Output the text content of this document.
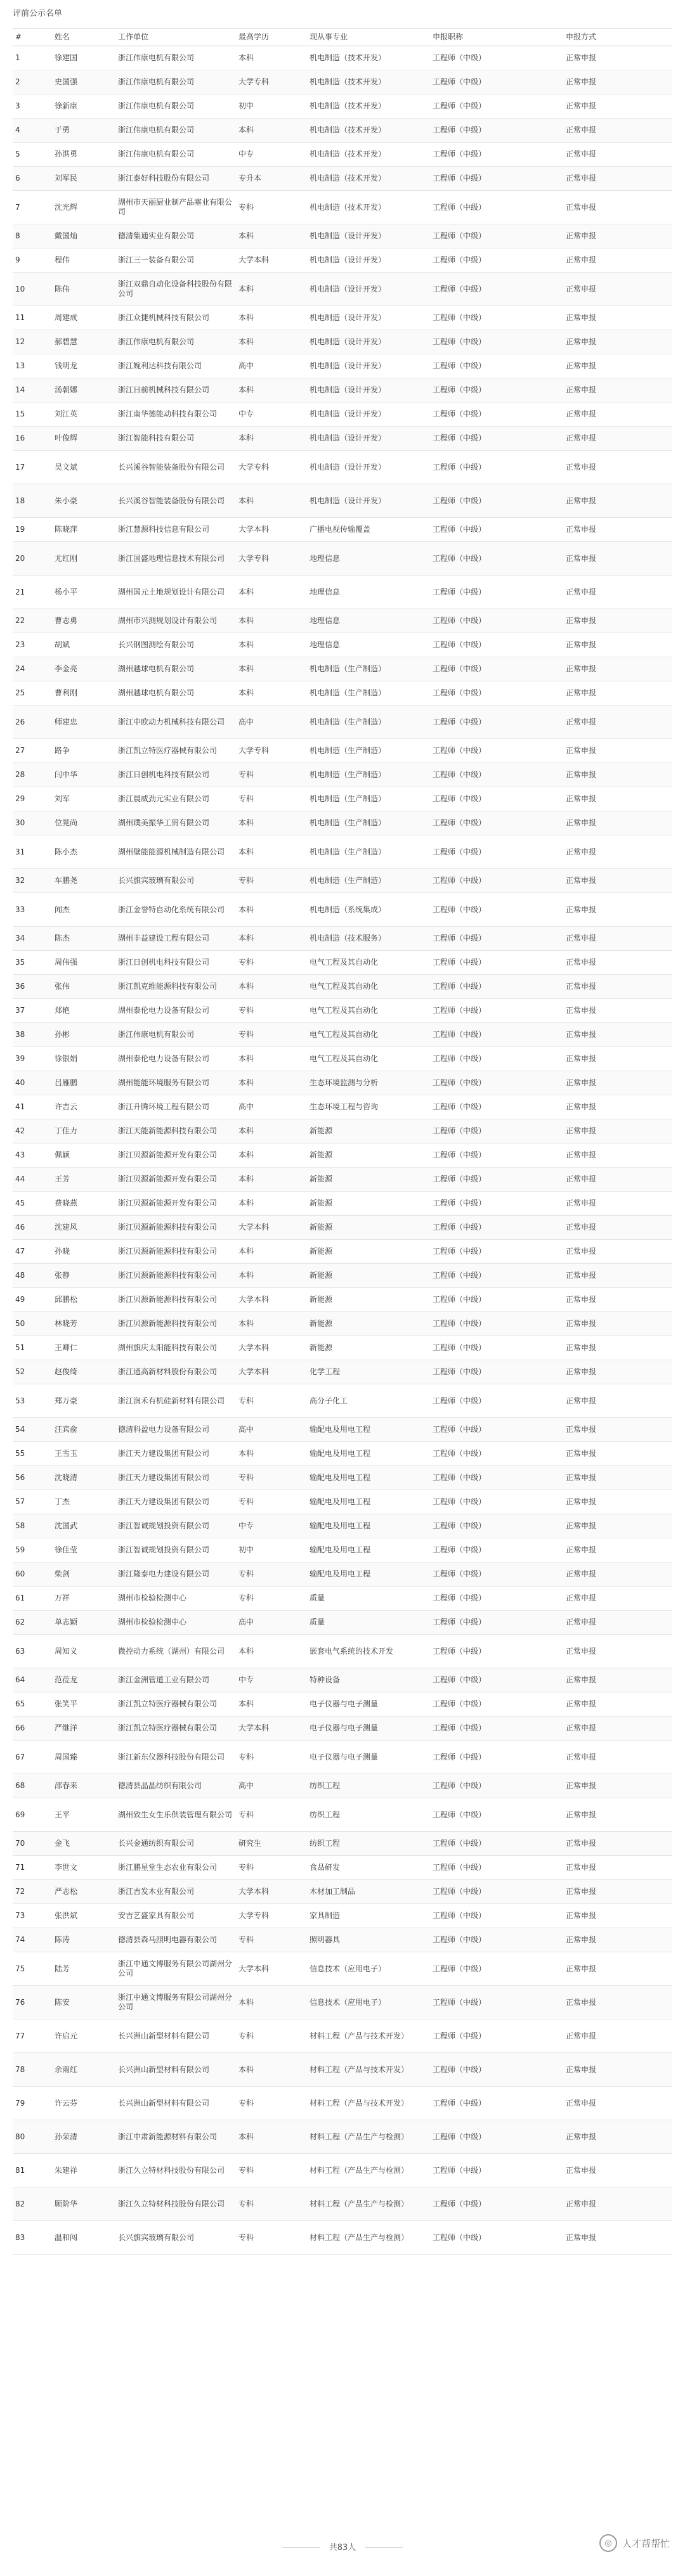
评前公示名单
#	姓名	工作单位	最高学历	现从事专业	申报职称	申报方式
1	徐建国	浙江伟康电机有限公司	本科	机电制造（技术开发）	工程师（中级）	正常申报
2	史国强	浙江伟康电机有限公司	大学专科	机电制造（技术开发）	工程师（中级）	正常申报
3	徐新康	浙江伟康电机有限公司	初中	机电制造（技术开发）	工程师（中级）	正常申报
4	于勇	浙江伟康电机有限公司	本科	机电制造（技术开发）	工程师（中级）	正常申报
5	孙洪勇	浙江伟康电机有限公司	中专	机电制造（技术开发）	工程师（中级）	正常申报
6	刘军民	浙江泰好科技股份有限公司	专升本	机电制造（技术开发）	工程师（中级）	正常申报
7	沈光辉	湖州市天丽厨业制产品塞业有限公司	专科	机电制造（技术开发）	工程师（中级）	正常申报
8	戴国灿	德清集通实业有限公司	本科	机电制造（设计开发）	工程师（中级）	正常申报
9	程伟	浙江三一装备有限公司	大学本科	机电制造（设计开发）	工程师（中级）	正常申报
10	陈伟	浙江双鼎自动化设备科技股份有限公司	本科	机电制造（设计开发）	工程师（中级）	正常申报
11	周建成	浙江众捷机械科技有限公司	本科	机电制造（设计开发）	工程师（中级）	正常申报
12	郝碧慧	浙江伟康电机有限公司	本科	机电制造（设计开发）	工程师（中级）	正常申报
13	钱明龙	浙江婉利达科技有限公司	高中	机电制造（设计开发）	工程师（中级）	正常申报
14	汤朝娜	浙江日前机械科技有限公司	本科	机电制造（设计开发）	工程师（中级）	正常申报
15	刘江英	浙江南华德能动科技有限公司	中专	机电制造（设计开发）	工程师（中级）	正常申报
16	叶俊辉	浙江智能科技有限公司	本科	机电制造（设计开发）	工程师（中级）	正常申报
17	吴文斌	长兴溪谷智能装备股份有限公司	大学专科	机电制造（设计开发）	工程师（中级）	正常申报
18	朱小豪	长兴溪谷智能装备股份有限公司	本科	机电制造（设计开发）	工程师（中级）	正常申报
19	陈晓萍	浙江慧源科技信息有限公司	大学本科	广播电视传输覆盖	工程师（中级）	正常申报
20	尤红刚	浙江国盛地理信息技术有限公司	大学专科	地理信息	工程师（中级）	正常申报
21	杨小平	湖州国元土地规划设计有限公司	本科	地理信息	工程师（中级）	正常申报
22	曹志勇	湖州市兴测规划设计有限公司	本科	地理信息	工程师（中级）	正常申报
23	胡斌	长兴钢图测绘有限公司	本科	地理信息	工程师（中级）	正常申报
24	李金亮	湖州越球电机有限公司	本科	机电制造（生产制造）	工程师（中级）	正常申报
25	曹利刚	湖州越球电机有限公司	本科	机电制造（生产制造）	工程师（中级）	正常申报
26	师建忠	浙江中欧动力机械科技有限公司	高中	机电制造（生产制造）	工程师（中级）	正常申报
27	路争	浙江凯立特医疗器械有限公司	大学专科	机电制造（生产制造）	工程师（中级）	正常申报
28	闫中华	浙江日创机电科技有限公司	专科	机电制造（生产制造）	工程师（中级）	正常申报
29	刘军	浙江晨威劲元实业有限公司	专科	机电制造（生产制造）	工程师（中级）	正常申报
30	位晃尚	湖州璞美振华工贸有限公司	本科	机电制造（生产制造）	工程师（中级）	正常申报
31	陈小杰	湖州壁能能源机械制造有限公司	本科	机电制造（生产制造）	工程师（中级）	正常申报
32	车鹏尧	长兴旗宾玻璃有限公司	专科	机电制造（生产制造）	工程师（中级）	正常申报
33	闻杰	浙江金誉特自动化系统有限公司	本科	机电制造（系统集成）	工程师（中级）	正常申报
34	陈杰	湖州丰益建设工程有限公司	本科	机电制造（技术服务）	工程师（中级）	正常申报
35	周伟强	浙江日创机电科技有限公司	专科	电气工程及其自动化	工程师（中级）	正常申报
36	张伟	浙江凯克维能源科技有限公司	本科	电气工程及其自动化	工程师（中级）	正常申报
37	郑艳	湖州泰伦电力设备有限公司	专科	电气工程及其自动化	工程师（中级）	正常申报
38	孙彬	浙江伟康电机有限公司	专科	电气工程及其自动化	工程师（中级）	正常申报
39	徐银娟	湖州泰伦电力设备有限公司	本科	电气工程及其自动化	工程师（中级）	正常申报
40	吕雁鹏	湖州能能环境服务有限公司	本科	生态环境监测与分析	工程师（中级）	正常申报
41	许吉云	浙江升腾环境工程有限公司	高中	生态环境工程与咨询	工程师（中级）	正常申报
42	丁佳力	浙江天能新能源科技有限公司	本科	新能源	工程师（中级）	正常申报
43	佩颖	浙江贝源新能源开发有限公司	本科	新能源	工程师（中级）	正常申报
44	王芳	浙江贝源新能源开发有限公司	本科	新能源	工程师（中级）	正常申报
45	费晓燕	浙江贝源新能源开发有限公司	本科	新能源	工程师（中级）	正常申报
46	沈建风	浙江贝源新能源科技有限公司	大学本科	新能源	工程师（中级）	正常申报
47	孙晓	浙江贝源新能源科技有限公司	本科	新能源	工程师（中级）	正常申报
48	张静	浙江贝源新能源科技有限公司	本科	新能源	工程师（中级）	正常申报
49	邱鹏松	浙江贝源新能源科技有限公司	大学本科	新能源	工程师（中级）	正常申报
50	林晓芳	浙江贝源新能源科技有限公司	本科	新能源	工程师（中级）	正常申报
51	王卿仁	湖州旗庆太阳能科技有限公司	大学本科	新能源	工程师（中级）	正常申报
52	赵俊绮	浙江通高新材料股份有限公司	大学本科	化学工程	工程师（中级）	正常申报
53	郑万豪	浙江润禾有机硅新材料有限公司	专科	高分子化工	工程师（中级）	正常申报
54	汪宾俞	德清科盈电力设备有限公司	高中	输配电及用电工程	工程师（中级）	正常申报
55	王雪玉	浙江天力建设集团有限公司	本科	输配电及用电工程	工程师（中级）	正常申报
56	沈晓清	浙江天力建设集团有限公司	专科	输配电及用电工程	工程师（中级）	正常申报
57	丁杰	浙江天力建设集团有限公司	专科	输配电及用电工程	工程师（中级）	正常申报
58	沈国武	浙江智诚规划投资有限公司	中专	输配电及用电工程	工程师（中级）	正常申报
59	徐佳莹	浙江智诚规划投资有限公司	初中	输配电及用电工程	工程师（中级）	正常申报
60	柴剑	浙江隆泰电力建设有限公司	专科	输配电及用电工程	工程师（中级）	正常申报
61	万祥	湖州市检验检测中心	专科	质量	工程师（中级）	正常申报
62	单志颖	湖州市检验检测中心	高中	质量	工程师（中级）	正常申报
63	周知义	微控动力系统（湖州）有限公司	本科	嵌套电气系统的技术开发	工程师（中级）	正常申报
64	范莅龙	浙江金洲管道工业有限公司	中专	特种设备	工程师（中级）	正常申报
65	张笑平	浙江凯立特医疗器械有限公司	本科	电子仪器与电子测量	工程师（中级）	正常申报
66	严继洋	浙江凯立特医疗器械有限公司	大学本科	电子仪器与电子测量	工程师（中级）	正常申报
67	周国臻	浙江新东仪器科技股份有限公司	专科	电子仪器与电子测量	工程师（中级）	正常申报
68	邵春来	德清县晶晶纺织有限公司	高中	纺织工程	工程师（中级）	正常申报
69	王平	湖州致生女生乐供装管理有限公司	专科	纺织工程	工程师（中级）	正常申报
70	金飞	长兴金通纺织有限公司	研究生	纺织工程	工程师（中级）	正常申报
71	李世文	浙江鹏星堂生态农业有限公司	专科	食品研发	工程师（中级）	正常申报
72	严志松	浙江吉发木业有限公司	大学本科	木材加工制品	工程师（中级）	正常申报
73	张洪斌	安吉艺盛家具有限公司	大学专科	家具制造	工程师（中级）	正常申报
74	陈涛	德清县森马照明电器有限公司	专科	照明器具	工程师（中级）	正常申报
75	陆芳	浙江中通文博服务有限公司湖州分公司	大学本科	信息技术（应用电子）	工程师（中级）	正常申报
76	陈安	浙江中通文博服务有限公司湖州分公司	本科	信息技术（应用电子）	工程师（中级）	正常申报
77	许启元	长兴洲山新型材料有限公司	专科	材料工程（产品与技术开发）	工程师（中级）	正常申报
78	余雨红	长兴洲山新型材料有限公司	本科	材料工程（产品与技术开发）	工程师（中级）	正常申报
79	许云芬	长兴洲山新型材料有限公司	专科	材料工程（产品与技术开发）	工程师（中级）	正常申报
80	孙荣清	浙江中肃新能源材料有限公司	本科	材料工程（产品生产与检测）	工程师（中级）	正常申报
81	朱建祥	浙江久立特材科技股份有限公司	专科	材料工程（产品生产与检测）	工程师（中级）	正常申报
82	顾阶华	浙江久立特材科技股份有限公司	专科	材料工程（产品生产与检测）	工程师（中级）	正常申报
83	温和闯	长兴旗宾玻璃有限公司	专科	材料工程（产品生产与检测）	工程师（中级）	正常申报
共83人	◎	人才帮帮忙
